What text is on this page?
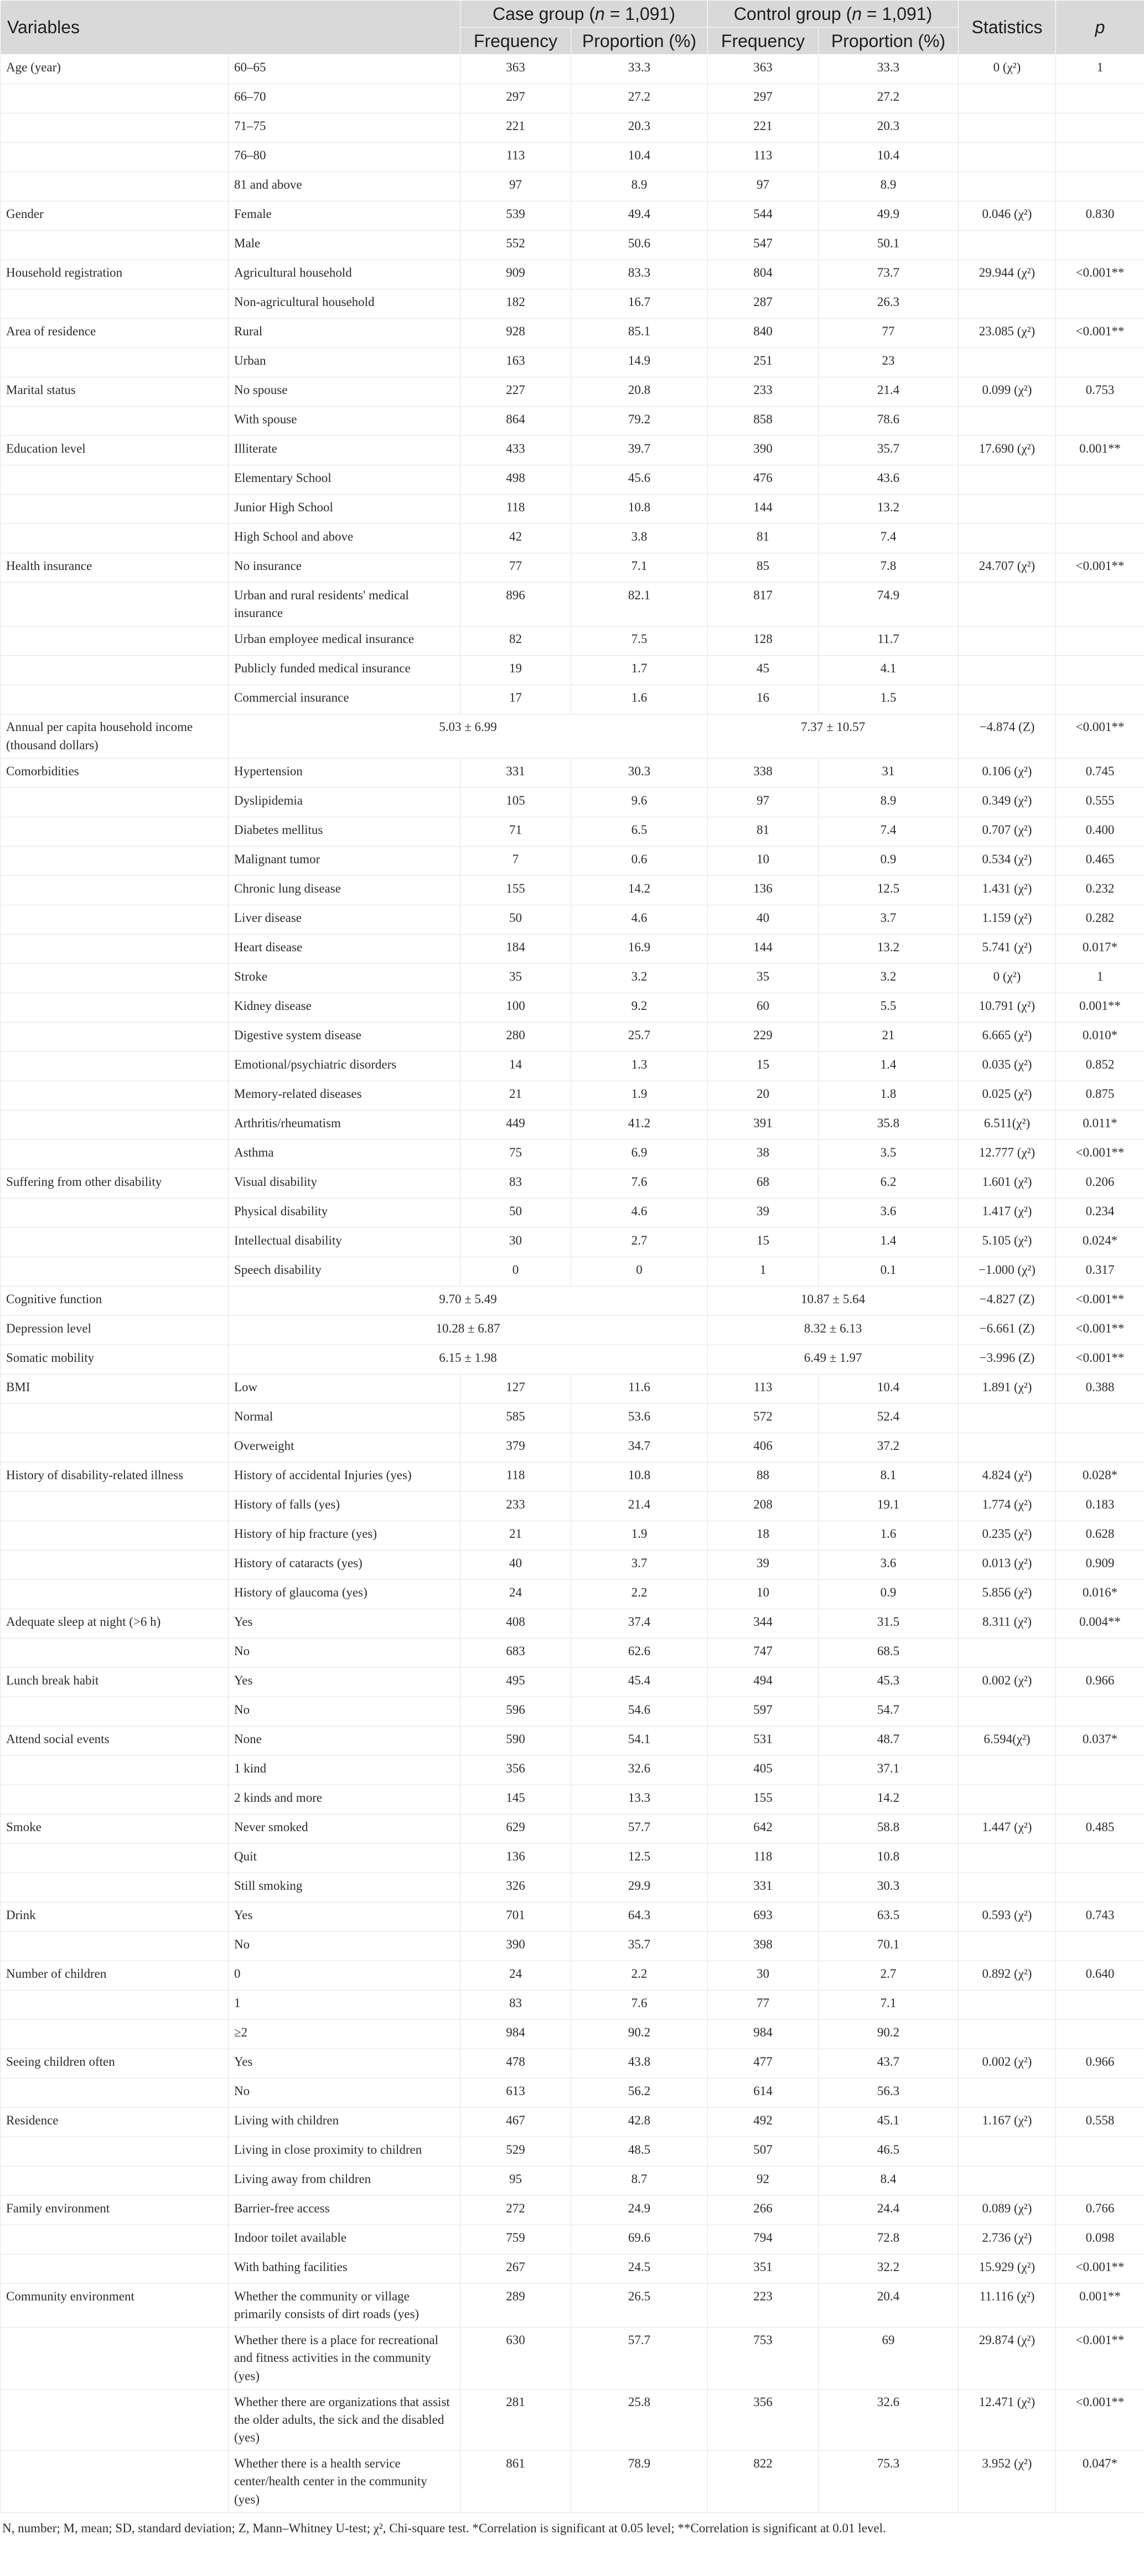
Variables		Case group (n = 1,091)		Control group (n = 1,091)		Statistics	p
		Frequency	Proportion (%)	Frequency	Proportion (%)		
Age (year)	60–65	363	33.3	363	33.3	0 (χ²)	1
	66–70	297	27.2	297	27.2		
	71–75	221	20.3	221	20.3		
	76–80	113	10.4	113	10.4		
	81 and above	97	8.9	97	8.9		
Gender	Female	539	49.4	544	49.9	0.046 (χ²)	0.830
	Male	552	50.6	547	50.1		
Household registration	Agricultural household	909	83.3	804	73.7	29.944 (χ²)	<0.001**
	Non-agricultural household	182	16.7	287	26.3		
Area of residence	Rural	928	85.1	840	77	23.085 (χ²)	<0.001**
	Urban	163	14.9	251	23		
Marital status	No spouse	227	20.8	233	21.4	0.099 (χ²)	0.753
	With spouse	864	79.2	858	78.6		
Education level	Illiterate	433	39.7	390	35.7	17.690 (χ²)	0.001**
	Elementary School	498	45.6	476	43.6		
	Junior High School	118	10.8	144	13.2		
	High School and above	42	3.8	81	7.4		
Health insurance	No insurance	77	7.1	85	7.8	24.707 (χ²)	<0.001**
	Urban and rural residents' medical insurance	896	82.1	817	74.9		
	Urban employee medical insurance	82	7.5	128	11.7		
	Publicly funded medical insurance	19	1.7	45	4.1		
	Commercial insurance	17	1.6	16	1.5		
Annual per capita household income (thousand dollars)	5.03 ± 6.99			7.37 ± 10.57		−4.874 (Z)	<0.001**
Comorbidities	Hypertension	331	30.3	338	31	0.106 (χ²)	0.745
	Dyslipidemia	105	9.6	97	8.9	0.349 (χ²)	0.555
	Diabetes mellitus	71	6.5	81	7.4	0.707 (χ²)	0.400
	Malignant tumor	7	0.6	10	0.9	0.534 (χ²)	0.465
	Chronic lung disease	155	14.2	136	12.5	1.431 (χ²)	0.232
	Liver disease	50	4.6	40	3.7	1.159 (χ²)	0.282
	Heart disease	184	16.9	144	13.2	5.741 (χ²)	0.017*
	Stroke	35	3.2	35	3.2	0 (χ²)	1
	Kidney disease	100	9.2	60	5.5	10.791 (χ²)	0.001**
	Digestive system disease	280	25.7	229	21	6.665 (χ²)	0.010*
	Emotional/psychiatric disorders	14	1.3	15	1.4	0.035 (χ²)	0.852
	Memory-related diseases	21	1.9	20	1.8	0.025 (χ²)	0.875
	Arthritis/rheumatism	449	41.2	391	35.8	6.511(χ²)	0.011*
	Asthma	75	6.9	38	3.5	12.777 (χ²)	<0.001**
Suffering from other disability	Visual disability	83	7.6	68	6.2	1.601 (χ²)	0.206
	Physical disability	50	4.6	39	3.6	1.417 (χ²)	0.234
	Intellectual disability	30	2.7	15	1.4	5.105 (χ²)	0.024*
	Speech disability	0	0	1	0.1	−1.000 (χ²)	0.317
Cognitive function	9.70 ± 5.49			10.87 ± 5.64		−4.827 (Z)	<0.001**
Depression level	10.28 ± 6.87			8.32 ± 6.13		−6.661 (Z)	<0.001**
Somatic mobility	6.15 ± 1.98			6.49 ± 1.97		−3.996 (Z)	<0.001**
BMI	Low	127	11.6	113	10.4	1.891 (χ²)	0.388
	Normal	585	53.6	572	52.4		
	Overweight	379	34.7	406	37.2		
History of disability-related illness	History of accidental Injuries (yes)	118	10.8	88	8.1	4.824 (χ²)	0.028*
	History of falls (yes)	233	21.4	208	19.1	1.774 (χ²)	0.183
	History of hip fracture (yes)	21	1.9	18	1.6	0.235 (χ²)	0.628
	History of cataracts (yes)	40	3.7	39	3.6	0.013 (χ²)	0.909
	History of glaucoma (yes)	24	2.2	10	0.9	5.856 (χ²)	0.016*
Adequate sleep at night (>6 h)	Yes	408	37.4	344	31.5	8.311 (χ²)	0.004**
	No	683	62.6	747	68.5		
Lunch break habit	Yes	495	45.4	494	45.3	0.002 (χ²)	0.966
	No	596	54.6	597	54.7		
Attend social events	None	590	54.1	531	48.7	6.594(χ²)	0.037*
	1 kind	356	32.6	405	37.1		
	2 kinds and more	145	13.3	155	14.2		
Smoke	Never smoked	629	57.7	642	58.8	1.447 (χ²)	0.485
	Quit	136	12.5	118	10.8		
	Still smoking	326	29.9	331	30.3		
Drink	Yes	701	64.3	693	63.5	0.593 (χ²)	0.743
	No	390	35.7	398	70.1		
Number of children	0	24	2.2	30	2.7	0.892 (χ²)	0.640
	1	83	7.6	77	7.1		
	≥2	984	90.2	984	90.2		
Seeing children often	Yes	478	43.8	477	43.7	0.002 (χ²)	0.966
	No	613	56.2	614	56.3		
Residence	Living with children	467	42.8	492	45.1	1.167 (χ²)	0.558
	Living in close proximity to children	529	48.5	507	46.5		
	Living away from children	95	8.7	92	8.4		
Family environment	Barrier-free access	272	24.9	266	24.4	0.089 (χ²)	0.766
	Indoor toilet available	759	69.6	794	72.8	2.736 (χ²)	0.098
	With bathing facilities	267	24.5	351	32.2	15.929 (χ²)	<0.001**
Community environment	Whether the community or village primarily consists of dirt roads (yes)	289	26.5	223	20.4	11.116 (χ²)	0.001**
	Whether there is a place for recreational and fitness activities in the community (yes)	630	57.7	753	69	29.874 (χ²)	<0.001**
	Whether there are organizations that assist the older adults, the sick and the disabled (yes)	281	25.8	356	32.6	12.471 (χ²)	<0.001**
	Whether there is a health service center/health center in the community (yes)	861	78.9	822	75.3	3.952 (χ²)	0.047*
N, number; M, mean; SD, standard deviation; Z, Mann–Whitney U-test; χ², Chi-square test. *Correlation is significant at 0.05 level; **Correlation is significant at 0.01 level.
